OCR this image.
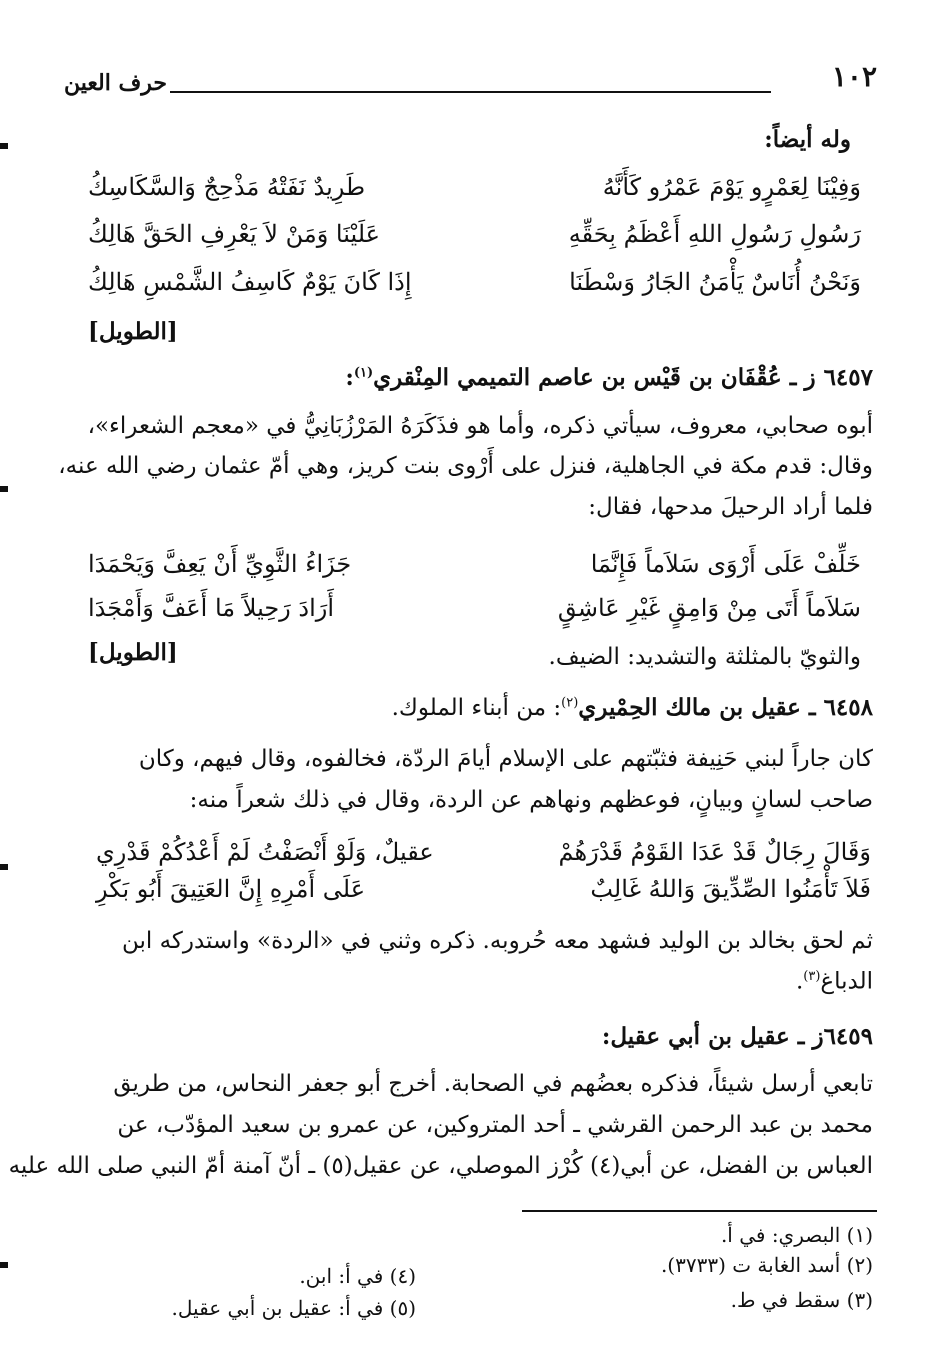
١٠٢
حرف العين
وله أيضاً:
وَفِيْنَا لِعَمْرٍو يَوْمَ عَمْرُو كَأَنَّهُ
طَرِيدٌ نَفَتْهُ مَذْحِجٌ وَالسَّكَاسِكُ
رَسُولِ رَسُولِ اللهِ أَعْظَمُ بِحَقِّهِ
عَلَيْنَا وَمَنْ لاَ يَعْرِفِ الحَقَّ هَالِكُ
وَنَحْنُ أُنَاسٌ يَأْمَنُ الجَارُ وَسْطَنَا
إِذَا كَانَ يَوْمٌ كَاسِفُ الشَّمْسِ هَالِكُ
[الطويل]
٦٤٥٧ ز ـ عُقْفَان بن قَيْس بن عاصم التميمي المِنْقري$^{(١)}$:
أبوه صحابي، معروف، سيأتي ذكره، وأما هو فذَكَرَهُ المَرْزُبَانِيُّ في «معجم الشعراء»،
وقال: قدم مكة في الجاهلية، فنزل على أَرْوى بنت كريز، وهي أمّ عثمان رضي الله عنه،
فلما أراد الرحيلَ مدحها، فقال:
خَلِّفْ عَلَى أَرْوَى سَلاَماً فَإِنَّمَا
جَزَاءُ الثَّوِيِّ أَنْ يَعِفَّ وَيَحْمَدَا
سَلاَماً أَتَى مِنْ وَامِقٍ غَيْرِ عَاشِقٍ
أَرَادَ رَحِيلاً مَا أَعَفَّ وَأَمْجَدَا
والثويّ بالمثلثة والتشديد: الضيف.
[الطويل]
٦٤٥٨ ـ عقيل بن مالك الحِمْيري$^{(٢)}$: من أبناء الملوك.
كان جاراً لبني حَنِيفة فثبّتهم على الإسلام أيامَ الردّة، فخالفوه، وقال فيهم، وكان
صاحب لسانٍ وبيانٍ، فوعظهم ونهاهم عن الردة، وقال في ذلك شعراً منه:
وَقَالَ رِجَالٌ قَدْ عَدَا القَوْمُ قَدْرَهُمْ
عقيلٌ، وَلَوْ أَنْصَفْتُ لَمْ أَعْدُكُمْ قَدْرِي
فَلاَ تَأْمَنُوا الصِّدِّيقَ وَاللهُ غَالِبٌ
عَلَى أَمْرِهِ إِنَّ العَتِيقَ أَبُو بَكْرِ
ثم لحق بخالد بن الوليد فشهد معه حُروبه. ذكره وثني في «الردة» واستدركه ابن
الدباغ$^{(٣)}$.
٦٤٥٩ز ـ عقيل بن أبي عقيل:
تابعي أرسل شيئاً، فذكره بعضُهم في الصحابة. أخرج أبو جعفر النحاس، من طريق
محمد بن عبد الرحمن القرشي ـ أحد المتروكين، عن عمرو بن سعيد المؤدّب، عن
العباس بن الفضل، عن أبي(٤) كُرْز الموصلي، عن عقيل(٥) ـ أنّ آمنة أمّ النبي صلى الله عليه
(١) البصري: في أ.
(٢) أسد الغابة ت (٣٧٣٣).
(٣) سقط في ط.
(٤) في أ: ابن.
(٥) في أ: عقيل بن أبي عقيل.
